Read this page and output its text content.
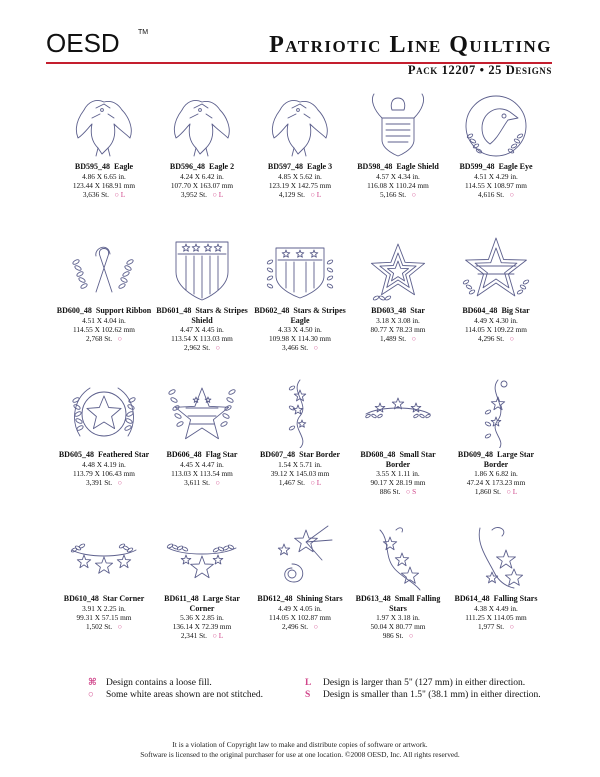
OESD	TM	Patriotic Line Quilting
Pack 12207 • 25 Designs
BD595_48 Eagle
4.86 X 6.65 in.
123.44 X 168.91 mm
3,636 St.   ○ L
BD596_48 Eagle 2
4.24 X 6.42 in.
107.70 X 163.07 mm
3,952 St.   ○ L
BD597_48 Eagle 3
4.85 X 5.62 in.
123.19 X 142.75 mm
4,129 St.   ○ L
BD598_48 Eagle Shield
4.57 X 4.34 in.
116.08 X 110.24 mm
5,166 St.   ○
BD599_48 Eagle Eye
4.51 X 4.29 in.
114.55 X 108.97 mm
4,616 St.   ○
BD600_48 Support Ribbon
4.51 X 4.04 in.
114.55 X 102.62 mm
2,768 St.   ○
BD601_48 Stars & Stripes Shield
4.47 X 4.45 in.
113.54 X 113.03 mm
2,962 St.   ○
BD602_48 Stars & Stripes Eagle
4.33 X 4.50 in.
109.98 X 114.30 mm
3,466 St.   ○
BD603_48 Star
3.18 X 3.08 in.
80.77 X 78.23 mm
1,489 St.   ○
BD604_48 Big Star
4.49 X 4.30 in.
114.05 X 109.22 mm
4,296 St.   ○
BD605_48 Feathered Star
4.48 X 4.19 in.
113.79 X 106.43 mm
3,391 St.   ○
BD606_48 Flag Star
4.45 X 4.47 in.
113.03 X 113.54 mm
3,611 St.   ○
BD607_48 Star Border
1.54 X 5.71 in.
39.12 X 145.03 mm
1,467 St.   ○ L
BD608_48 Small Star Border
3.55 X 1.11 in.
90.17 X 28.19 mm
886 St.   ○ S
BD609_48 Large Star Border
1.86 X 6.82 in.
47.24 X 173.23 mm
1,860 St.   ○ L
BD610_48 Star Corner
3.91 X 2.25 in.
99.31 X 57.15 mm
1,502 St.   ○
BD611_48 Large Star Corner
5.36 X 2.85 in.
136.14 X 72.39 mm
2,341 St.   ○ L
BD612_48 Shining Stars
4.49 X 4.05 in.
114.05 X 102.87 mm
2,496 St.   ○
BD613_48 Small Falling Stars
1.97 X 3.18 in.
50.04 X 80.77 mm
986 St.   ○
BD614_48 Falling Stars
4.38 X 4.49 in.
111.25 X 114.05 mm
1,977 St.   ○
⌘ Design contains a loose fill.
○ Some white areas shown are not stitched.
L Design is larger than 5" (127 mm) in either direction.
S Design is smaller than 1.5" (38.1 mm) in either direction.
It is a violation of Copyright law to make and distribute copies of software or artwork.
Software is licensed to the original purchaser for use at one location. ©2008 OESD, Inc. All rights reserved.
